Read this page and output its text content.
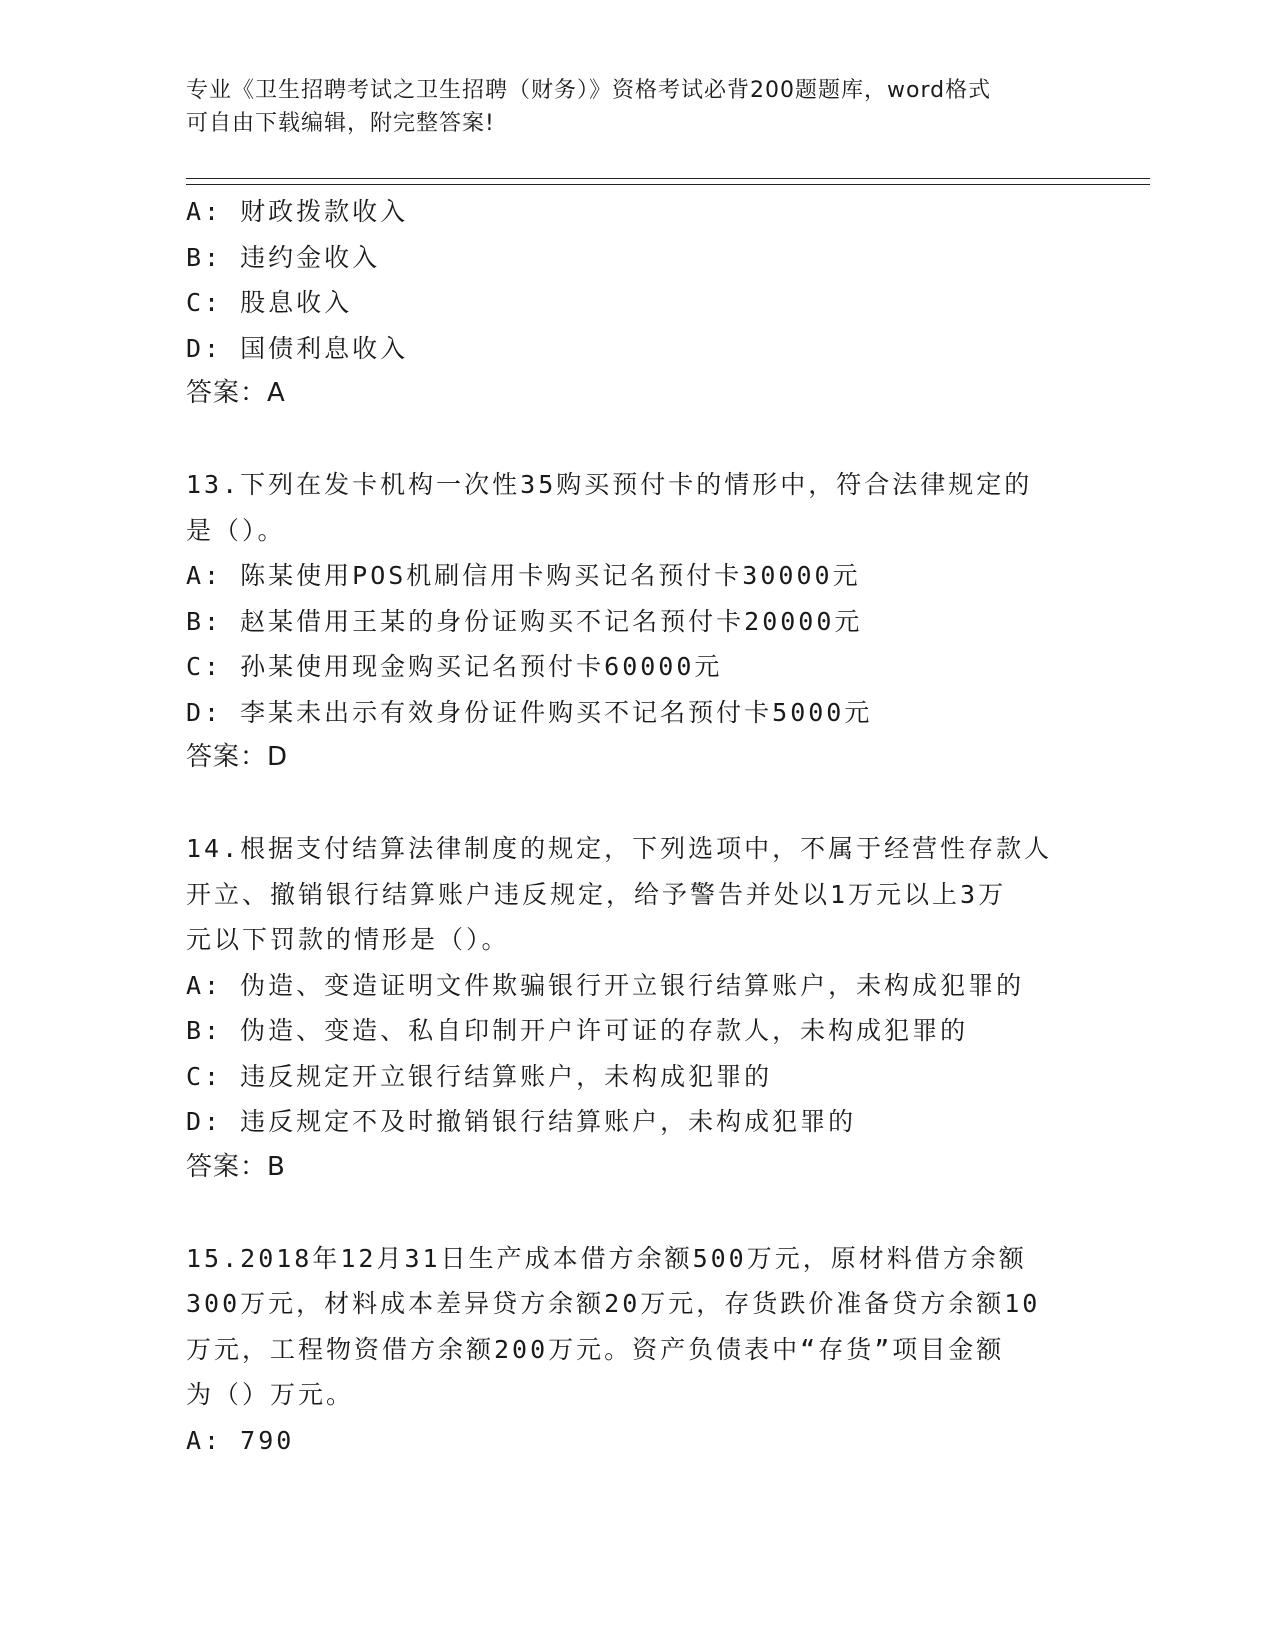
专业《卫生招聘考试之卫生招聘（财务）》资格考试必背200题题库，word格式
可自由下载编辑，附完整答案!
A: 财政拨款收入
B: 违约金收入
C: 股息收入
D: 国债利息收入
答案：A
13.下列在发卡机构一次性35购买预付卡的情形中，符合法律规定的
是（）。
A: 陈某使用POS机刷信用卡购买记名预付卡30000元
B: 赵某借用王某的身份证购买不记名预付卡20000元
C: 孙某使用现金购买记名预付卡60000元
D: 李某未出示有效身份证件购买不记名预付卡5000元
答案：D
14.根据支付结算法律制度的规定，下列选项中，不属于经营性存款人
开立、撤销银行结算账户违反规定，给予警告并处以1万元以上3万
元以下罚款的情形是（）。
A: 伪造、变造证明文件欺骗银行开立银行结算账户，未构成犯罪的
B: 伪造、变造、私自印制开户许可证的存款人，未构成犯罪的
C: 违反规定开立银行结算账户，未构成犯罪的
D: 违反规定不及时撤销银行结算账户，未构成犯罪的
答案：B
15.2018年12月31日生产成本借方余额500万元，原材料借方余额
300万元，材料成本差异贷方余额20万元，存货跌价准备贷方余额10
万元，工程物资借方余额200万元。资产负债表中“存货”项目金额
为（）万元。
A: 790
